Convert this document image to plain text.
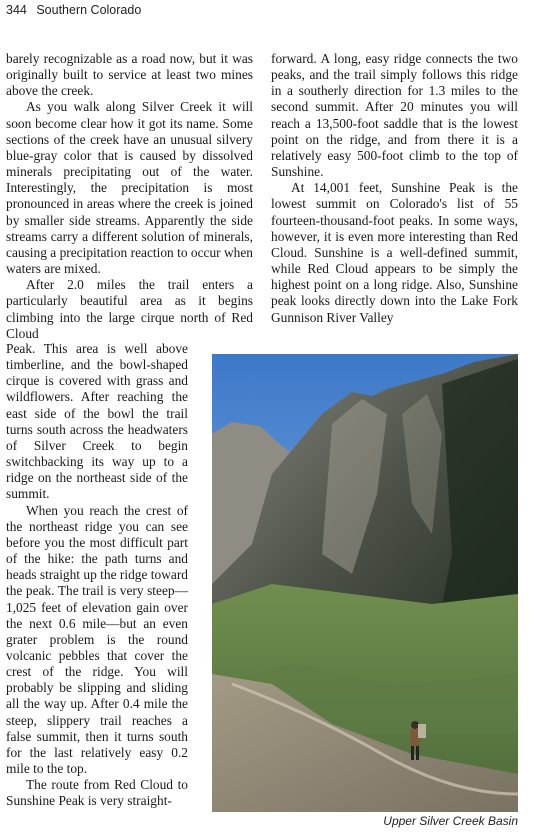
344 Southern Colorado

barely recognizable as a road now, but it was originally built to service at least two mines above the creek.

As you walk along Silver Creek it will soon become clear how it got its name. Some sections of the creek have an unusual silvery blue-gray color that is caused by dissolved minerals precipitating out of the water. Interestingly, the precipitation is most pronounced in areas where the creek is joined by smaller side streams. Apparently the side streams carry a different solution of minerals, causing a precipitation reaction to occur when waters are mixed.

After 2.0 miles the trail enters a particularly beautiful area as it begins climbing into the large cirque north of Red Cloud

Peak. This area is well above timberline, and the bowl-shaped cirque is covered with grass and wildflowers. After reaching the east side of the bowl the trail turns south across the headwaters of Silver Creek to begin switchbacking its way up to a ridge on the northeast side of the summit.

When you reach the crest of the northeast ridge you can see before you the most difficult part of the hike: the path turns and heads straight up the ridge toward the peak. The trail is very steep—1,025 feet of elevation gain over the next 0.6 mile—but an even grater problem is the round volcanic pebbles that cover the crest of the ridge. You will probably be slipping and sliding all the way up. After 0.4 mile the steep, slippery trail reaches a false summit, then it turns south for the last relatively easy 0.2 mile to the top.

The route from Red Cloud to Sunshine Peak is very straight-

forward. A long, easy ridge connects the two peaks, and the trail simply follows this ridge in a southerly direction for 1.3 miles to the second summit. After 20 minutes you will reach a 13,500-foot saddle that is the lowest point on the ridge, and from there it is a relatively easy 500-foot climb to the top of Sunshine.

At 14,001 feet, Sunshine Peak is the lowest summit on Colorado's list of 55 fourteen-thousand-foot peaks. In some ways, however, it is even more interesting than Red Cloud. Sunshine is a well-defined summit, while Red Cloud appears to be simply the highest point on a long ridge. Also, Sunshine peak looks directly down into the Lake Fork Gunnison River Valley

Upper Silver Creek Basin
